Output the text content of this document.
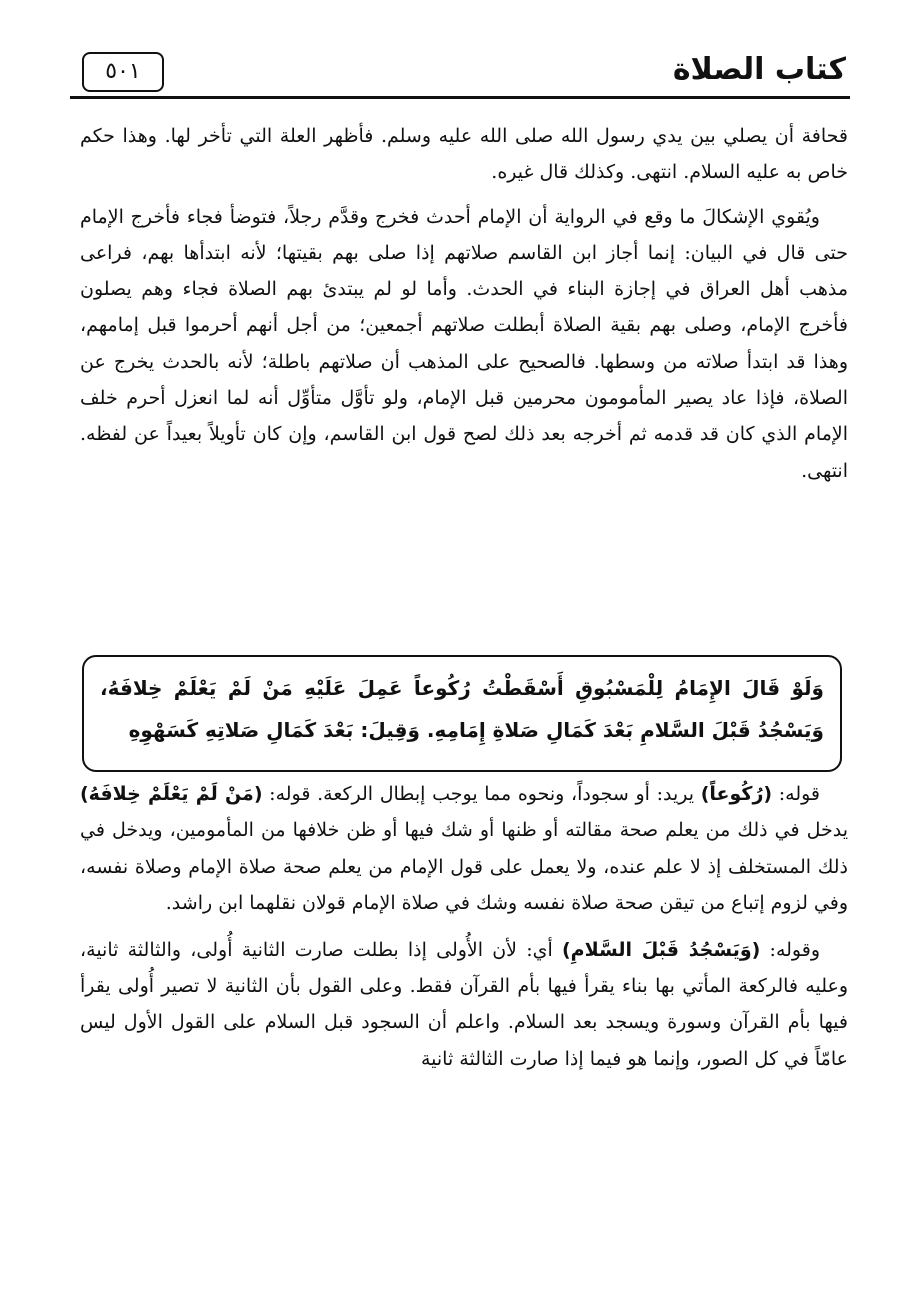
كتاب الصلاة
٥٠١

قحافة أن يصلي بين يدي رسول الله صلى الله عليه وسلم. فأظهر العلة التي تأخر لها. وهذا حكم خاص به عليه السلام. انتهى. وكذلك قال غيره.

ويُقوي الإشكالَ ما وقع في الرواية أن الإمام أحدث فخرج وقدَّم رجلاً، فتوضأ فجاء فأخرج الإمام حتى قال في البيان: إنما أجاز ابن القاسم صلاتهم إذا صلى بهم بقيتها؛ لأنه ابتدأها بهم، فراعى مذهب أهل العراق في إجازة البناء في الحدث. وأما لو لم يبتدئ بهم الصلاة فجاء وهم يصلون فأخرج الإمام، وصلى بهم بقية الصلاة أبطلت صلاتهم أجمعين؛ من أجل أنهم أحرموا قبل إمامهم، وهذا قد ابتدأ صلاته من وسطها. فالصحيح على المذهب أن صلاتهم باطلة؛ لأنه بالحدث يخرج عن الصلاة، فإذا عاد يصير المأمومون محرمين قبل الإمام، ولو تأوَّل متأوِّل أنه لما انعزل أحرم خلف الإمام الذي كان قد قدمه ثم أخرجه بعد ذلك لصح قول ابن القاسم، وإن كان تأويلاً بعيداً عن لفظه. انتهى.

وَلَوْ قَالَ الإِمَامُ لِلْمَسْبُوقِ أَسْقَطْتُ رُكُوعاً عَمِلَ عَلَيْهِ مَنْ لَمْ يَعْلَمْ خِلافَهُ، وَيَسْجُدُ قَبْلَ السَّلامِ بَعْدَ كَمَالِ صَلاةِ إِمَامِهِ. وَقِيلَ: بَعْدَ كَمَالِ صَلاتِهِ كَسَهْوِهِ

قوله: (رُكُوعاً) يريد: أو سجوداً، ونحوه مما يوجب إبطال الركعة. قوله: (مَنْ لَمْ يَعْلَمْ خِلافَهُ) يدخل في ذلك من يعلم صحة مقالته أو ظنها أو شك فيها أو ظن خلافها من المأمومين، ويدخل في ذلك المستخلف إذ لا علم عنده، ولا يعمل على قول الإمام من يعلم صحة صلاة الإمام وصلاة نفسه، وفي لزوم إتباع من تيقن صحة صلاة نفسه وشك في صلاة الإمام قولان نقلهما ابن راشد.

وقوله: (وَيَسْجُدُ قَبْلَ السَّلامِ) أي: لأن الأُولى إذا بطلت صارت الثانية أُولى، والثالثة ثانية، وعليه فالركعة المأتي بها بناء يقرأ فيها بأم القرآن فقط. وعلى القول بأن الثانية لا تصير أُولى يقرأ فيها بأم القرآن وسورة ويسجد بعد السلام. واعلم أن السجود قبل السلام على القول الأول ليس عامّاً في كل الصور، وإنما هو فيما إذا صارت الثالثة ثانية
